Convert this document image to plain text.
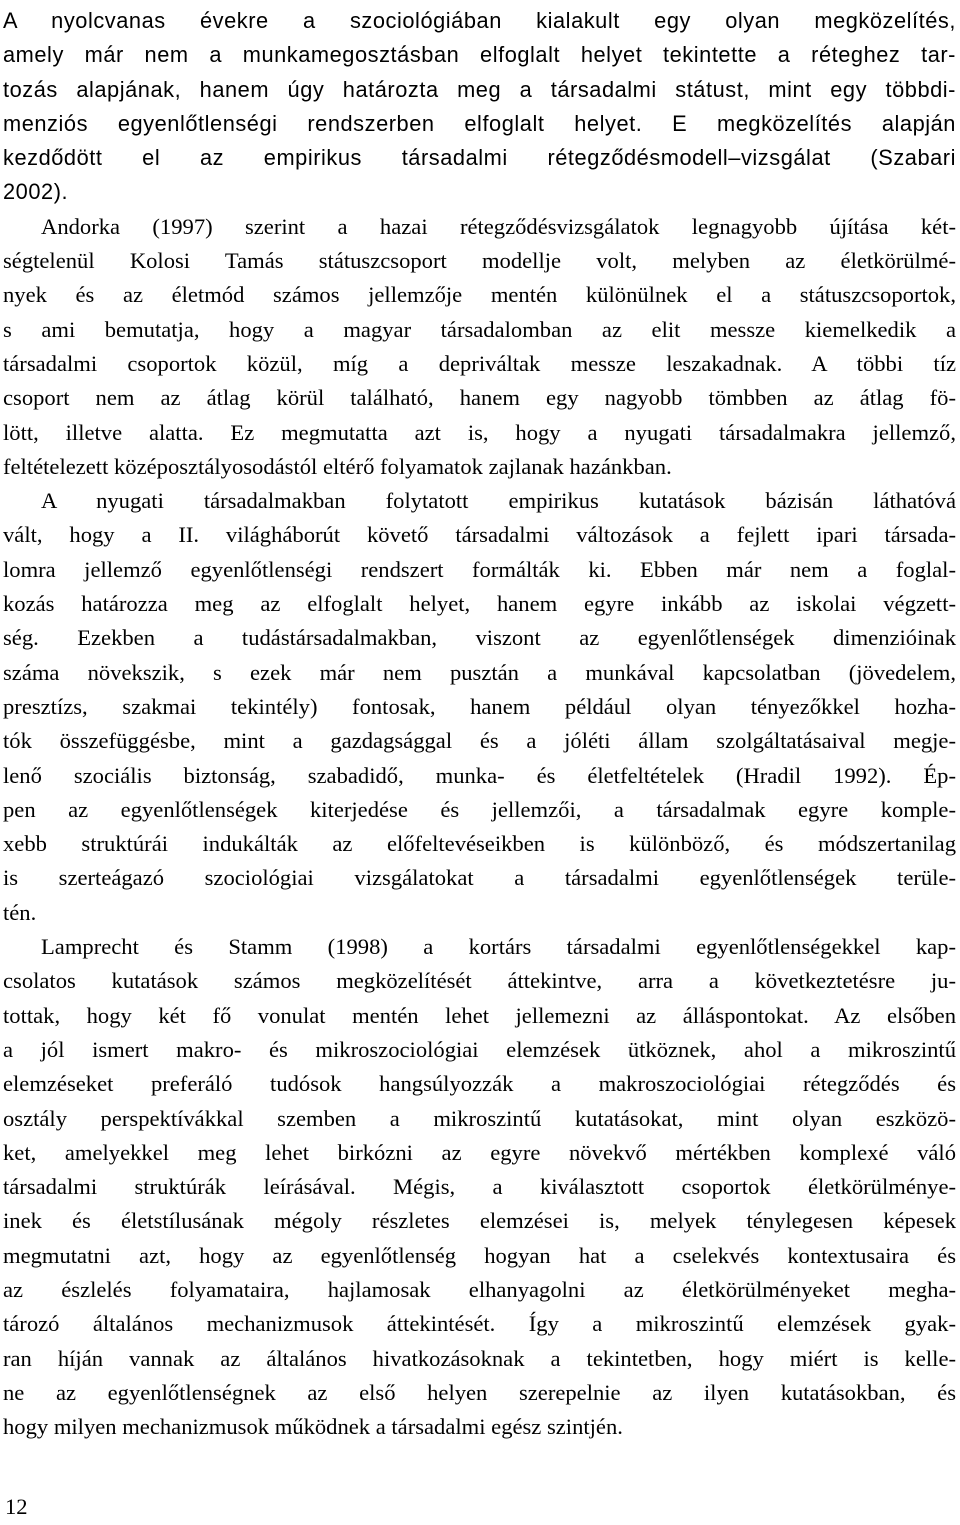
A nyolcvanas évekre a szociológiában kialakult egy olyan megközelítés,
amely már nem a munkamegosztásban elfoglalt helyet tekintette a réteghez tar-
tozás alapjának, hanem úgy határozta meg a társadalmi státust, mint egy többdi-
menziós egyenlőtlenségi rendszerben elfoglalt helyet. E megközelítés alapján
kezdődött el az empirikus társadalmi rétegződésmodell–vizsgálat (Szabari
2002).

Andorka (1997) szerint a hazai rétegződésvizsgálatok legnagyobb újítása két-
ségtelenül Kolosi Tamás státuszcsoport modellje volt, melyben az életkörülmé-
nyek és az életmód számos jellemzője mentén különülnek el a státuszcsoportok,
s ami bemutatja, hogy a magyar társadalomban az elit messze kiemelkedik a
társadalmi csoportok közül, míg a depriváltak messze leszakadnak. A többi tíz
csoport nem az átlag körül található, hanem egy nagyobb tömbben az átlag fö-
lött, illetve alatta. Ez megmutatta azt is, hogy a nyugati társadalmakra jellemző,
feltételezett középosztályosodástól eltérő folyamatok zajlanak hazánkban.

A nyugati társadalmakban folytatott empirikus kutatások bázisán láthatóvá
vált, hogy a II. világháborút követő társadalmi változások a fejlett ipari társada-
lomra jellemző egyenlőtlenségi rendszert formálták ki. Ebben már nem a foglal-
kozás határozza meg az elfoglalt helyet, hanem egyre inkább az iskolai végzett-
ség. Ezekben a tudástársadalmakban, viszont az egyenlőtlenségek dimenzióinak
száma növekszik, s ezek már nem pusztán a munkával kapcsolatban (jövedelem,
presztízs, szakmai tekintély) fontosak, hanem például olyan tényezőkkel hozha-
tók összefüggésbe, mint a gazdagsággal és a jóléti állam szolgáltatásaival megje-
lenő szociális biztonság, szabadidő, munka- és életfeltételek (Hradil 1992). Ép-
pen az egyenlőtlenségek kiterjedése és jellemzői, a társadalmak egyre komple-
xebb struktúrái indukálták az előfeltevéseikben is különböző, és módszertanilag
is szerteágazó szociológiai vizsgálatokat a társadalmi egyenlőtlenségek terüle-
tén.

Lamprecht és Stamm (1998) a kortárs társadalmi egyenlőtlenségekkel kap-
csolatos kutatások számos megközelítését áttekintve, arra a következtetésre ju-
tottak, hogy két fő vonulat mentén lehet jellemezni az álláspontokat. Az elsőben
a jól ismert makro- és mikroszociológiai elemzések ütköznek, ahol a mikroszintű
elemzéseket preferáló tudósok hangsúlyozzák a makroszociológiai rétegződés és
osztály perspektívákkal szemben a mikroszintű kutatásokat, mint olyan eszközö-
ket, amelyekkel meg lehet birkózni az egyre növekvő mértékben komplexé váló
társadalmi struktúrák leírásával. Mégis, a kiválasztott csoportok életkörülménye-
inek és életstílusának mégoly részletes elemzései is, melyek ténylegesen képesek
megmutatni azt, hogy az egyenlőtlenség hogyan hat a cselekvés kontextusaira és
az észlelés folyamataira, hajlamosak elhanyagolni az életkörülményeket megha-
tározó általános mechanizmusok áttekintését. Így a mikroszintű elemzések gyak-
ran híján vannak az általános hivatkozásoknak a tekintetben, hogy miért is kelle-
ne az egyenlőtlenségnek az első helyen szerepelnie az ilyen kutatásokban, és
hogy milyen mechanizmusok működnek a társadalmi egész szintjén.

12
